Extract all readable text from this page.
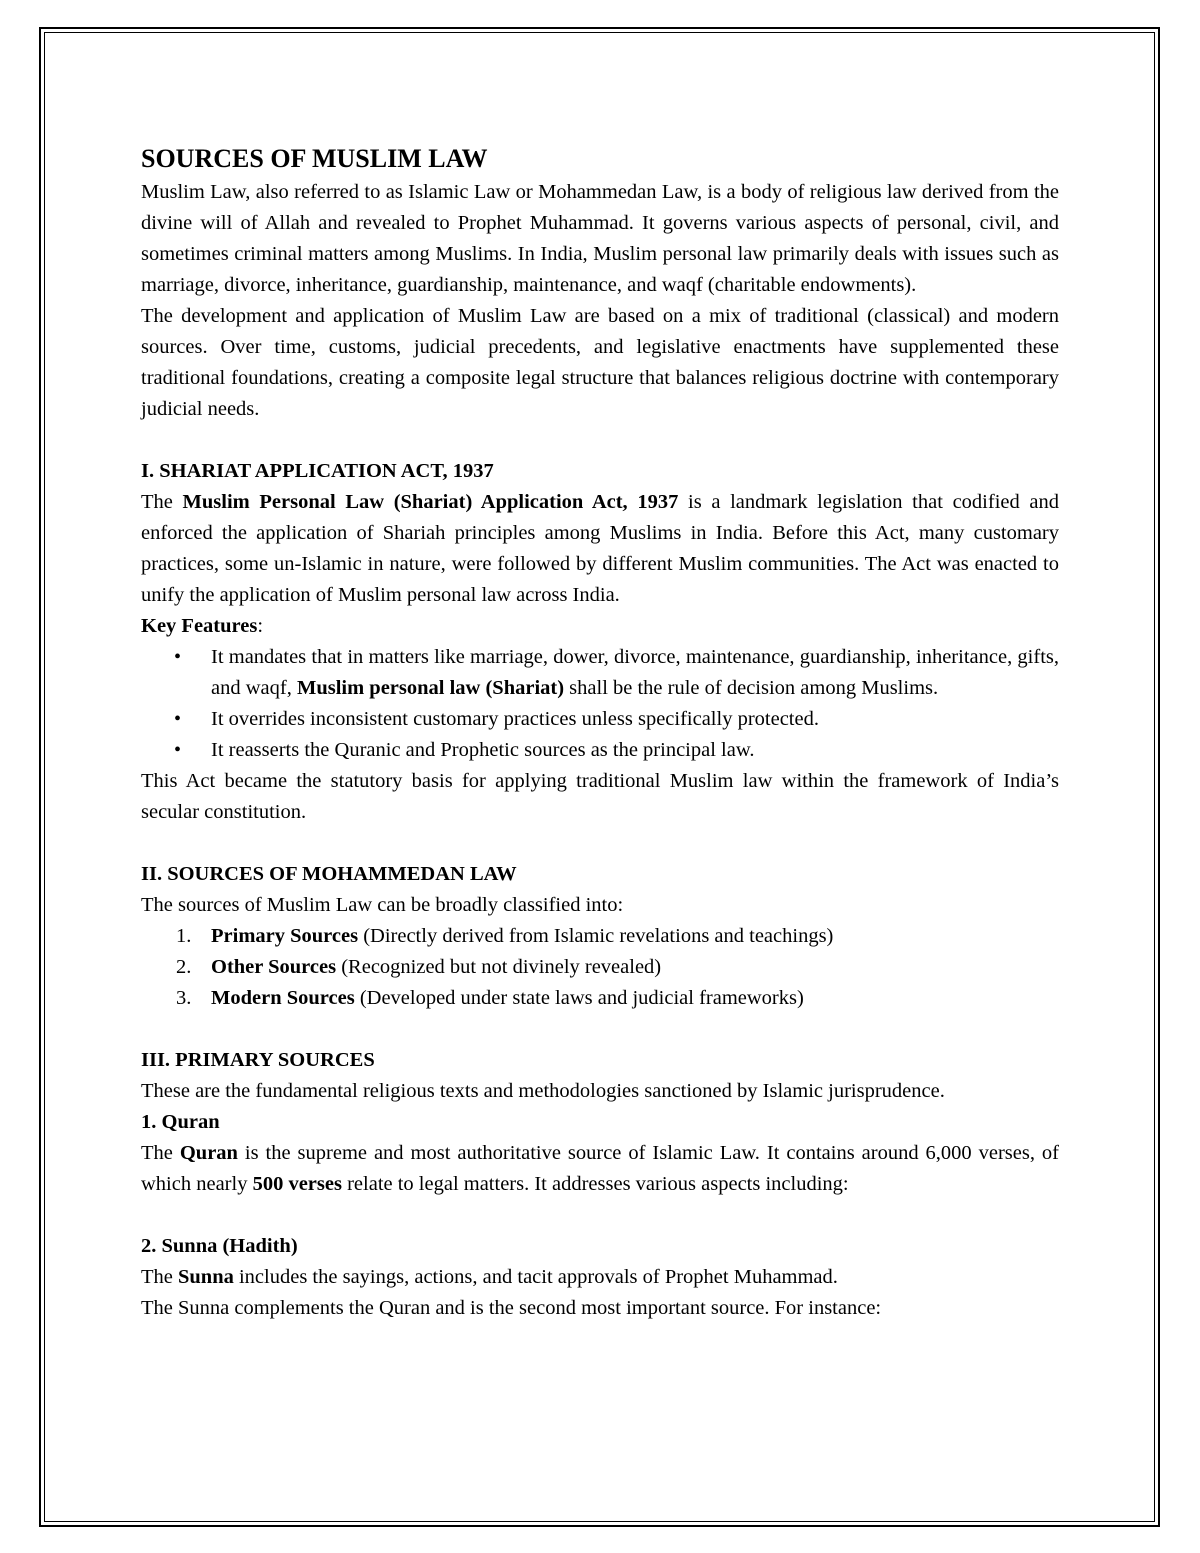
SOURCES OF MUSLIM LAW

Muslim Law, also referred to as Islamic Law or Mohammedan Law, is a body of religious law derived from the divine will of Allah and revealed to Prophet Muhammad. It governs various aspects of personal, civil, and sometimes criminal matters among Muslims. In India, Muslim personal law primarily deals with issues such as marriage, divorce, inheritance, guardianship, maintenance, and waqf (charitable endowments).

The development and application of Muslim Law are based on a mix of traditional (classical) and modern sources. Over time, customs, judicial precedents, and legislative enactments have supplemented these traditional foundations, creating a composite legal structure that balances religious doctrine with contemporary judicial needs.

I. SHARIAT APPLICATION ACT, 1937

The Muslim Personal Law (Shariat) Application Act, 1937 is a landmark legislation that codified and enforced the application of Shariah principles among Muslims in India. Before this Act, many customary practices, some un-Islamic in nature, were followed by different Muslim communities. The Act was enacted to unify the application of Muslim personal law across India.

Key Features:

• It mandates that in matters like marriage, dower, divorce, maintenance, guardianship, inheritance, gifts, and waqf, Muslim personal law (Shariat) shall be the rule of decision among Muslims.
• It overrides inconsistent customary practices unless specifically protected.
• It reasserts the Quranic and Prophetic sources as the principal law.

This Act became the statutory basis for applying traditional Muslim law within the framework of India’s secular constitution.

II. SOURCES OF MOHAMMEDAN LAW

The sources of Muslim Law can be broadly classified into:

1. Primary Sources (Directly derived from Islamic revelations and teachings)
2. Other Sources (Recognized but not divinely revealed)
3. Modern Sources (Developed under state laws and judicial frameworks)
III. PRIMARY SOURCES

These are the fundamental religious texts and methodologies sanctioned by Islamic jurisprudence.

1. Quran

The Quran is the supreme and most authoritative source of Islamic Law. It contains around 6,000 verses, of which nearly 500 verses relate to legal matters. It addresses various aspects including:

2. Sunna (Hadith)

The Sunna includes the sayings, actions, and tacit approvals of Prophet Muhammad.

The Sunna complements the Quran and is the second most important source. For instance:
